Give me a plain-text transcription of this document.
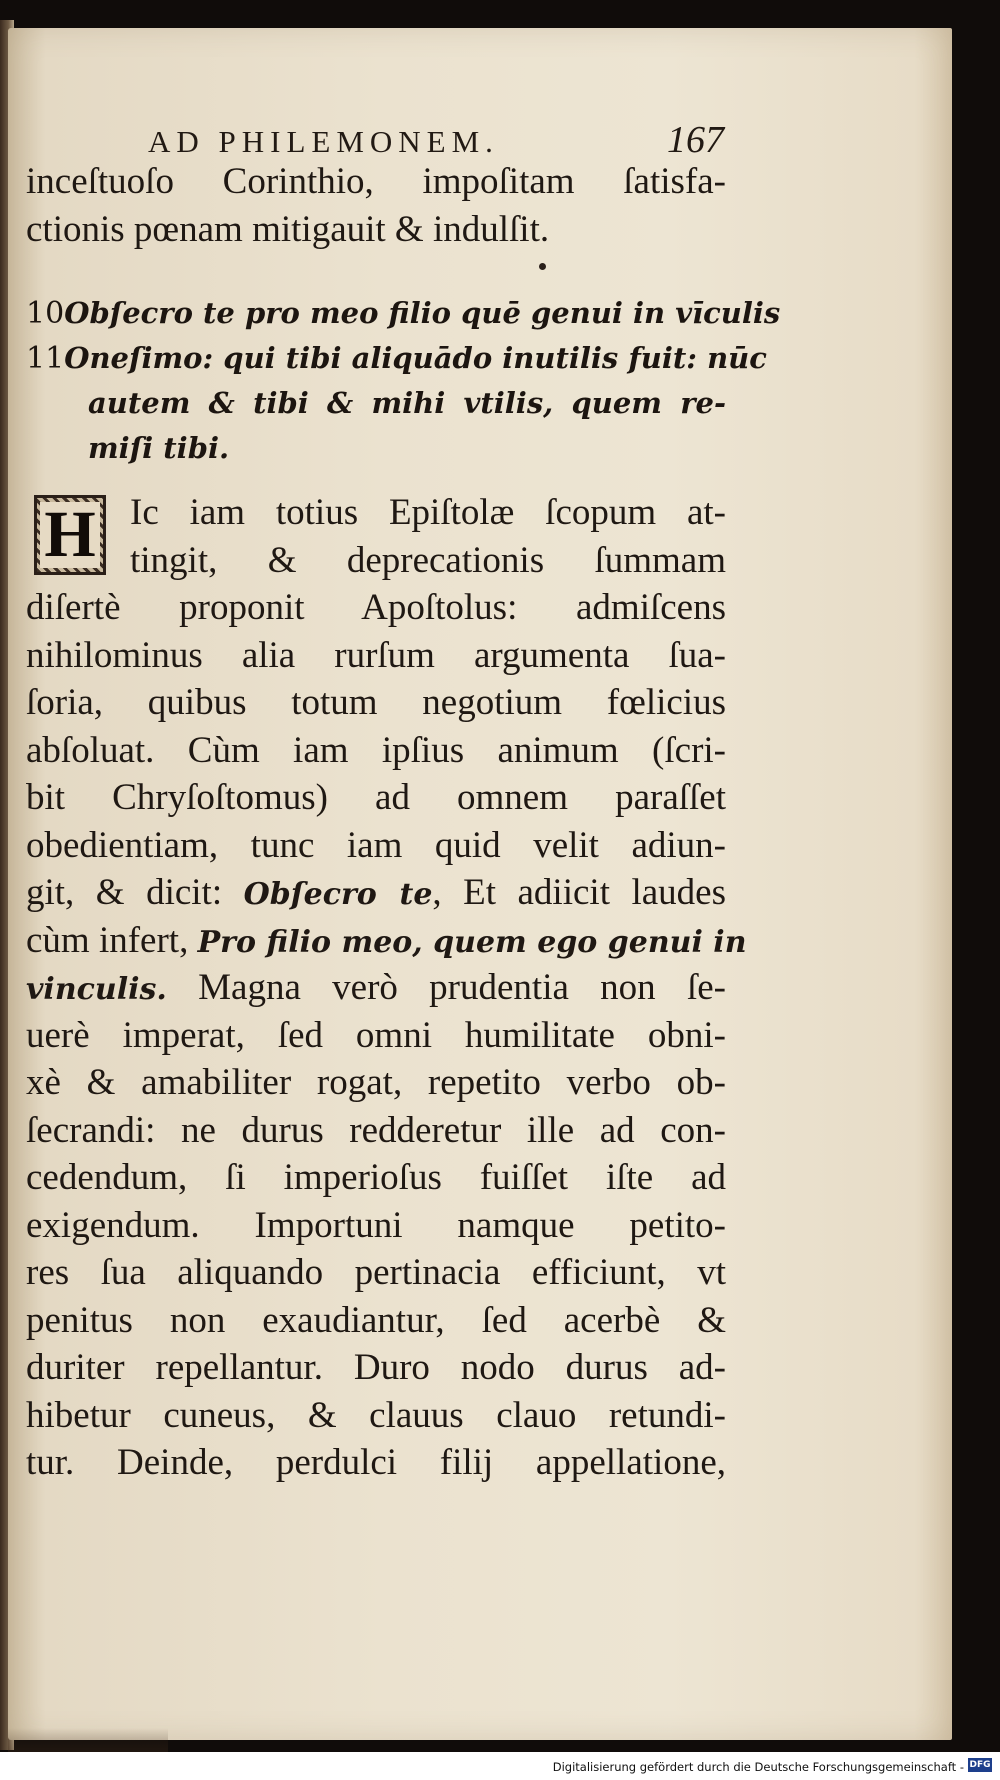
AD PHILEMONEM.	167
inceſtuoſo Corinthio, impoſitam ſatisfa-
ctionis pœnam mitigauit & indulſit.
10 Obſecro te pro meo filio quē genui in vīculis
11 Oneſimo: qui tibi aliquādo inutilis fuit: nūc
autem & tibi & mihi vtilis, quem re-
miſi tibi.
H Ic iam totius Epiſtolæ ſcopum at-
tingit, & deprecationis ſummam
diſertè proponit Apoſtolus: admiſcens
nihilominus alia rurſum argumenta ſua-
ſoria, quibus totum negotium fœlicius
abſoluat. Cùm iam ipſius animum (ſcri-
bit Chryſoſtomus) ad omnem paraſſet
obedientiam, tunc iam quid velit adiun-
git, & dicit: Obſecro te, Et adiicit laudes
cùm infert, Pro filio meo, quem ego genui in
vinculis. Magna verò prudentia non ſe-
uerè imperat, ſed omni humilitate obni-
xè & amabiliter rogat, repetito verbo ob-
ſecrandi: ne durus redderetur ille ad con-
cedendum, ſi imperioſus fuiſſet iſte ad
exigendum. Importuni namque petito-
res ſua aliquando pertinacia efficiunt, vt
penitus non exaudiantur, ſed acerbè &
duriter repellantur. Duro nodo durus ad-
hibetur cuneus, & clauus clauo retundi-
tur. Deinde, perdulci filij appellatione,
Digitalisierung gefördert durch die Deutsche Forschungsgemeinschaft - DFG
